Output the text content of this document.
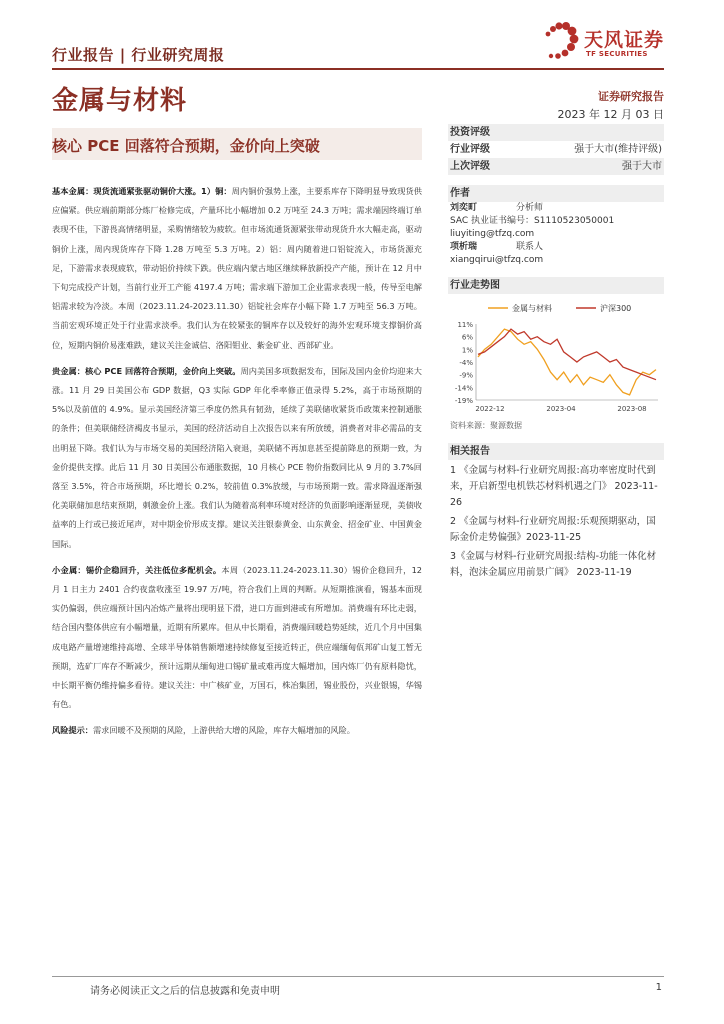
行业报告 | 行业研究周报
天风证券
TF SECURITIES
金属与材料	证券研究报告
2023 年 12 月 03 日
核心 PCE 回落符合预期，金价向上突破

基本金属：现货流通紧张驱动铜价大涨。1）铜：周内铜价强势上涨，主要系库存下降明显导致现货供应偏紧。供应端前期部分炼厂检修完成，产量环比小幅增加 0.2 万吨至 24.3 万吨；需求端因终端订单表现不佳，下游畏高情绪明显，采购情绪较为疲软。但市场流通货源紧张带动现货升水大幅走高，驱动铜价上涨，周内现货库存下降 1.28 万吨至 5.3 万吨。2）铝：周内随着进口铝锭流入，市场货源充足，下游需求表现疲软，带动铝价持续下跌。供应端内蒙古地区继续释放新投产产能，预计在 12 月中下旬完成投产计划，当前行业开工产能 4197.4 万吨；需求端下游加工企业需求表现一般，传导至电解铝需求较为冷淡。本周（2023.11.24-2023.11.30）铝锭社会库存小幅下降 1.7 万吨至 56.3 万吨。当前宏观环境正处于行业需求淡季。我们认为在较紧张的铜库存以及较好的海外宏观环境支撑铜价高位，短期内铜价易涨难跌，建议关注金诚信、洛阳钼业、紫金矿业、西部矿业。

贵金属：核心 PCE 回落符合预期，金价向上突破。周内美国多项数据发布，国际及国内金价均迎来大涨。11 月 29 日美国公布 GDP 数据，Q3 实际 GDP 年化季率修正值录得 5.2%，高于市场预期的 5%以及前值的 4.9%。显示美国经济第三季度仍然具有韧劲，延续了美联储收紧货币政策来控制通胀的条件；但美联储经济褐皮书显示，美国的经济活动自上次报告以来有所放缓，消费者对非必需品的支出明显下降。我们认为与市场交易的美国经济陷入衰退，美联储不再加息甚至提前降息的预期一致，为金价提供支撑。此后 11 月 30 日美国公布通胀数据，10 月核心 PCE 物价指数同比从 9 月的 3.7%回落至 3.5%，符合市场预期，环比增长 0.2%，较前值 0.3%放缓，与市场预期一致。需求降温逐渐强化美联储加息结束预期，刺激金价上涨。我们认为随着高利率环境对经济的负面影响逐渐显现，美债收益率的上行或已接近尾声，对中期金价形成支撑。建议关注银泰黄金、山东黄金、招金矿业、中国黄金国际。

小金属：锡价企稳回升，关注低位多配机会。本周（2023.11.24-2023.11.30）锡价企稳回升，12 月 1 日主力 2401 合约夜盘收涨至 19.97 万/吨，符合我们上周的判断。从短期推演看，锡基本面现实仍偏弱，供应端预计国内冶炼产量将出现明显下滑，进口方面到港或有所增加。消费端有环比走弱，结合国内整体供应有小幅增量，近期有所累库。但从中长期看，消费端回暖趋势延续，近几个月中国集成电路产量增速维持高增、全球半导体销售额增速持续修复至接近转正，供应端缅甸佤邦矿山复工暂无预期，选矿厂库存不断减少，预计远期从缅甸进口锡矿量或难再度大幅增加，国内炼厂仍有原料隐忧，中长期平衡仍维持偏多看待。建议关注：中广核矿业，万国石，株冶集团，锡业股份，兴业银锡，华锡有色。

风险提示：需求回暖不及预期的风险，上游供给大增的风险，库存大幅增加的风险。

投资评级
行业评级	强于大市(维持评级)
上次评级	强于大市
作者
刘奕町	分析师
SAC 执业证书编号：S1110523050001
liuyiting@tfzq.com
项析瑞	联系人
xiangqirui@tfzq.com
行业走势图
金属与材料	沪深300
11%
6%
1%
-4%
-9%
-14%
-19%
2022-12	2023-04	2023-08
资料来源：聚源数据
相关报告
1 《金属与材料-行业研究周报:高功率密度时代到来，开启新型电机铁芯材料机遇之门》 2023-11-26
2 《金属与材料-行业研究周报:乐观预期驱动，国际金价走势偏强》2023-11-25
3《金属与材料-行业研究周报:结构-功能一体化材料，泡沫金属应用前景广阔》 2023-11-19
请务必阅读正文之后的信息披露和免责申明	1
